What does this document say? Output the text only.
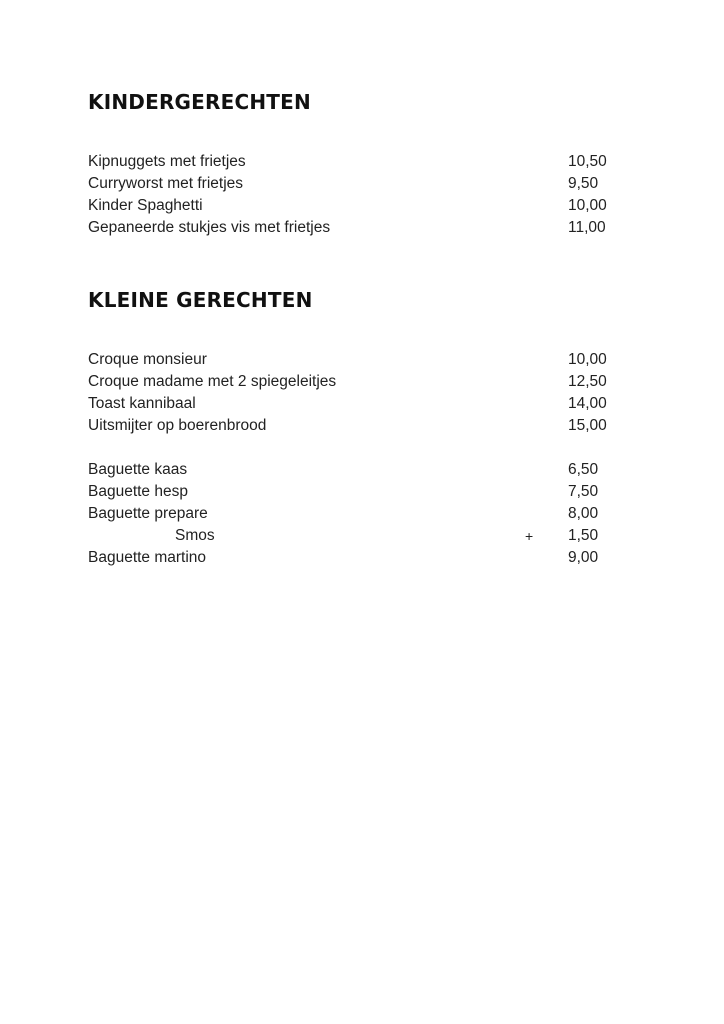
KINDERGERECHTEN
Kipnuggets met frietjes	10,50
Curryworst met frietjes	9,50
Kinder Spaghetti	10,00
Gepaneerde stukjes vis met frietjes	11,00
KLEINE GERECHTEN
Croque monsieur	10,00
Croque madame met 2 spiegeleitjes	12,50
Toast kannibaal	14,00
Uitsmijter op boerenbrood	15,00
Baguette kaas	6,50
Baguette hesp	7,50
Baguette prepare	8,00
Smos	+ 1,50
Baguette martino	9,00
